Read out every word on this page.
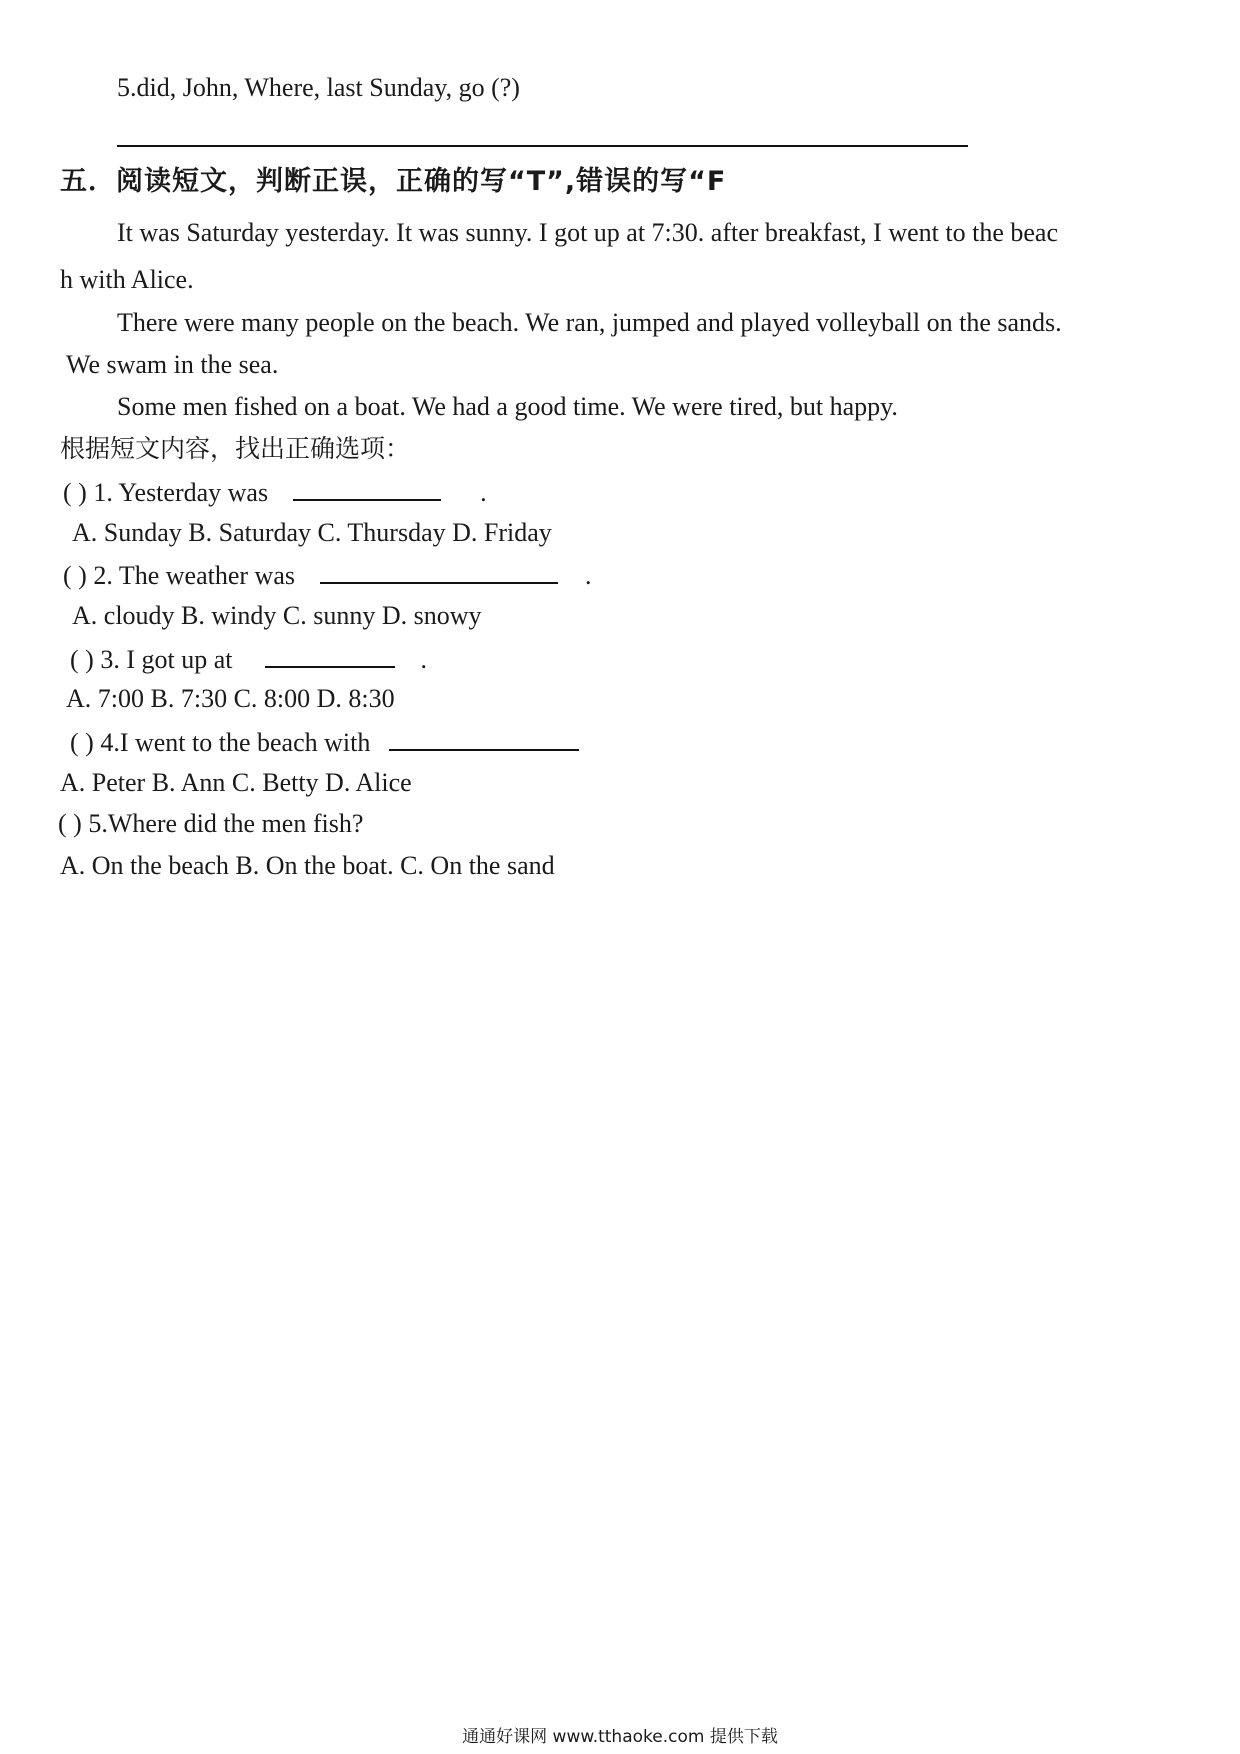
5.did, John, Where, last Sunday, go (?)
五．阅读短文，判断正误，正确的写“T”,错误的写“F
It was Saturday yesterday. It was sunny. I got up at 7:30. after breakfast, I went to the beac
h with Alice.
There were many people on the beach. We ran, jumped and played volleyball on the sands.
We swam in the sea.
Some men fished on a boat. We had a good time. We were tired, but happy.
根据短文内容，找出正确选项：
( ) 1. Yesterday was	.
A. Sunday B. Saturday C. Thursday D. Friday
( ) 2. The weather was	.
A. cloudy B. windy C. sunny D. snowy
( ) 3. I got up at	.
A. 7:00 B. 7:30 C. 8:00 D. 8:30
( ) 4.I went to the beach with
A. Peter B. Ann C. Betty D. Alice
( ) 5.Where did the men fish?
A. On the beach B. On the boat. C. On the sand
通通好课网 www.tthaoke.com 提供下载
